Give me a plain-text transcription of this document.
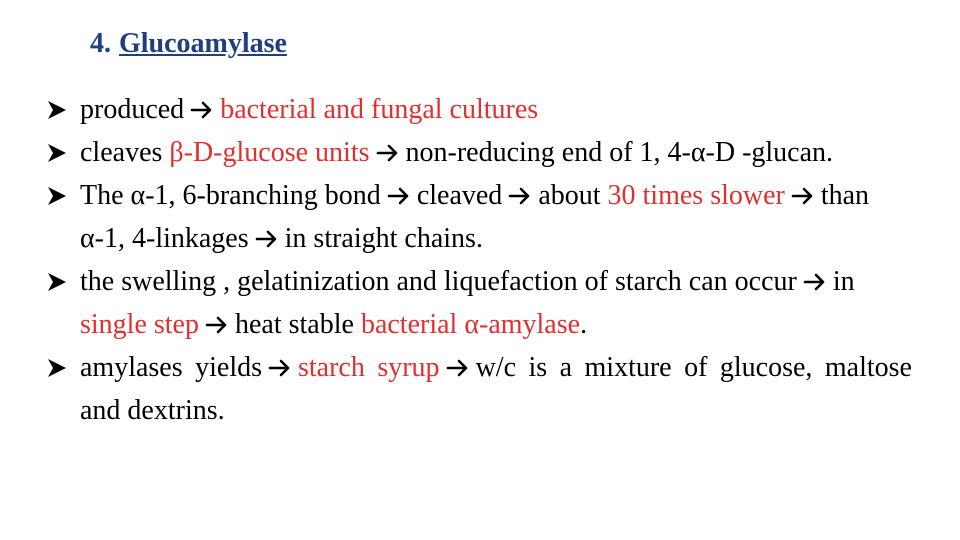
4. Glucoamylase
produced bacterial and fungal cultures
cleaves β-D-glucose units non-reducing end of 1, 4-α-D -glucan.
The α-1, 6-branching bond cleaved about 30 times slower than α-1, 4-linkages in straight chains.
the swelling , gelatinization and liquefaction of starch can occur in single step heat stable bacterial α-amylase.
amylases yields starch syrup w/c is a mixture of glucose, maltose and dextrins.
